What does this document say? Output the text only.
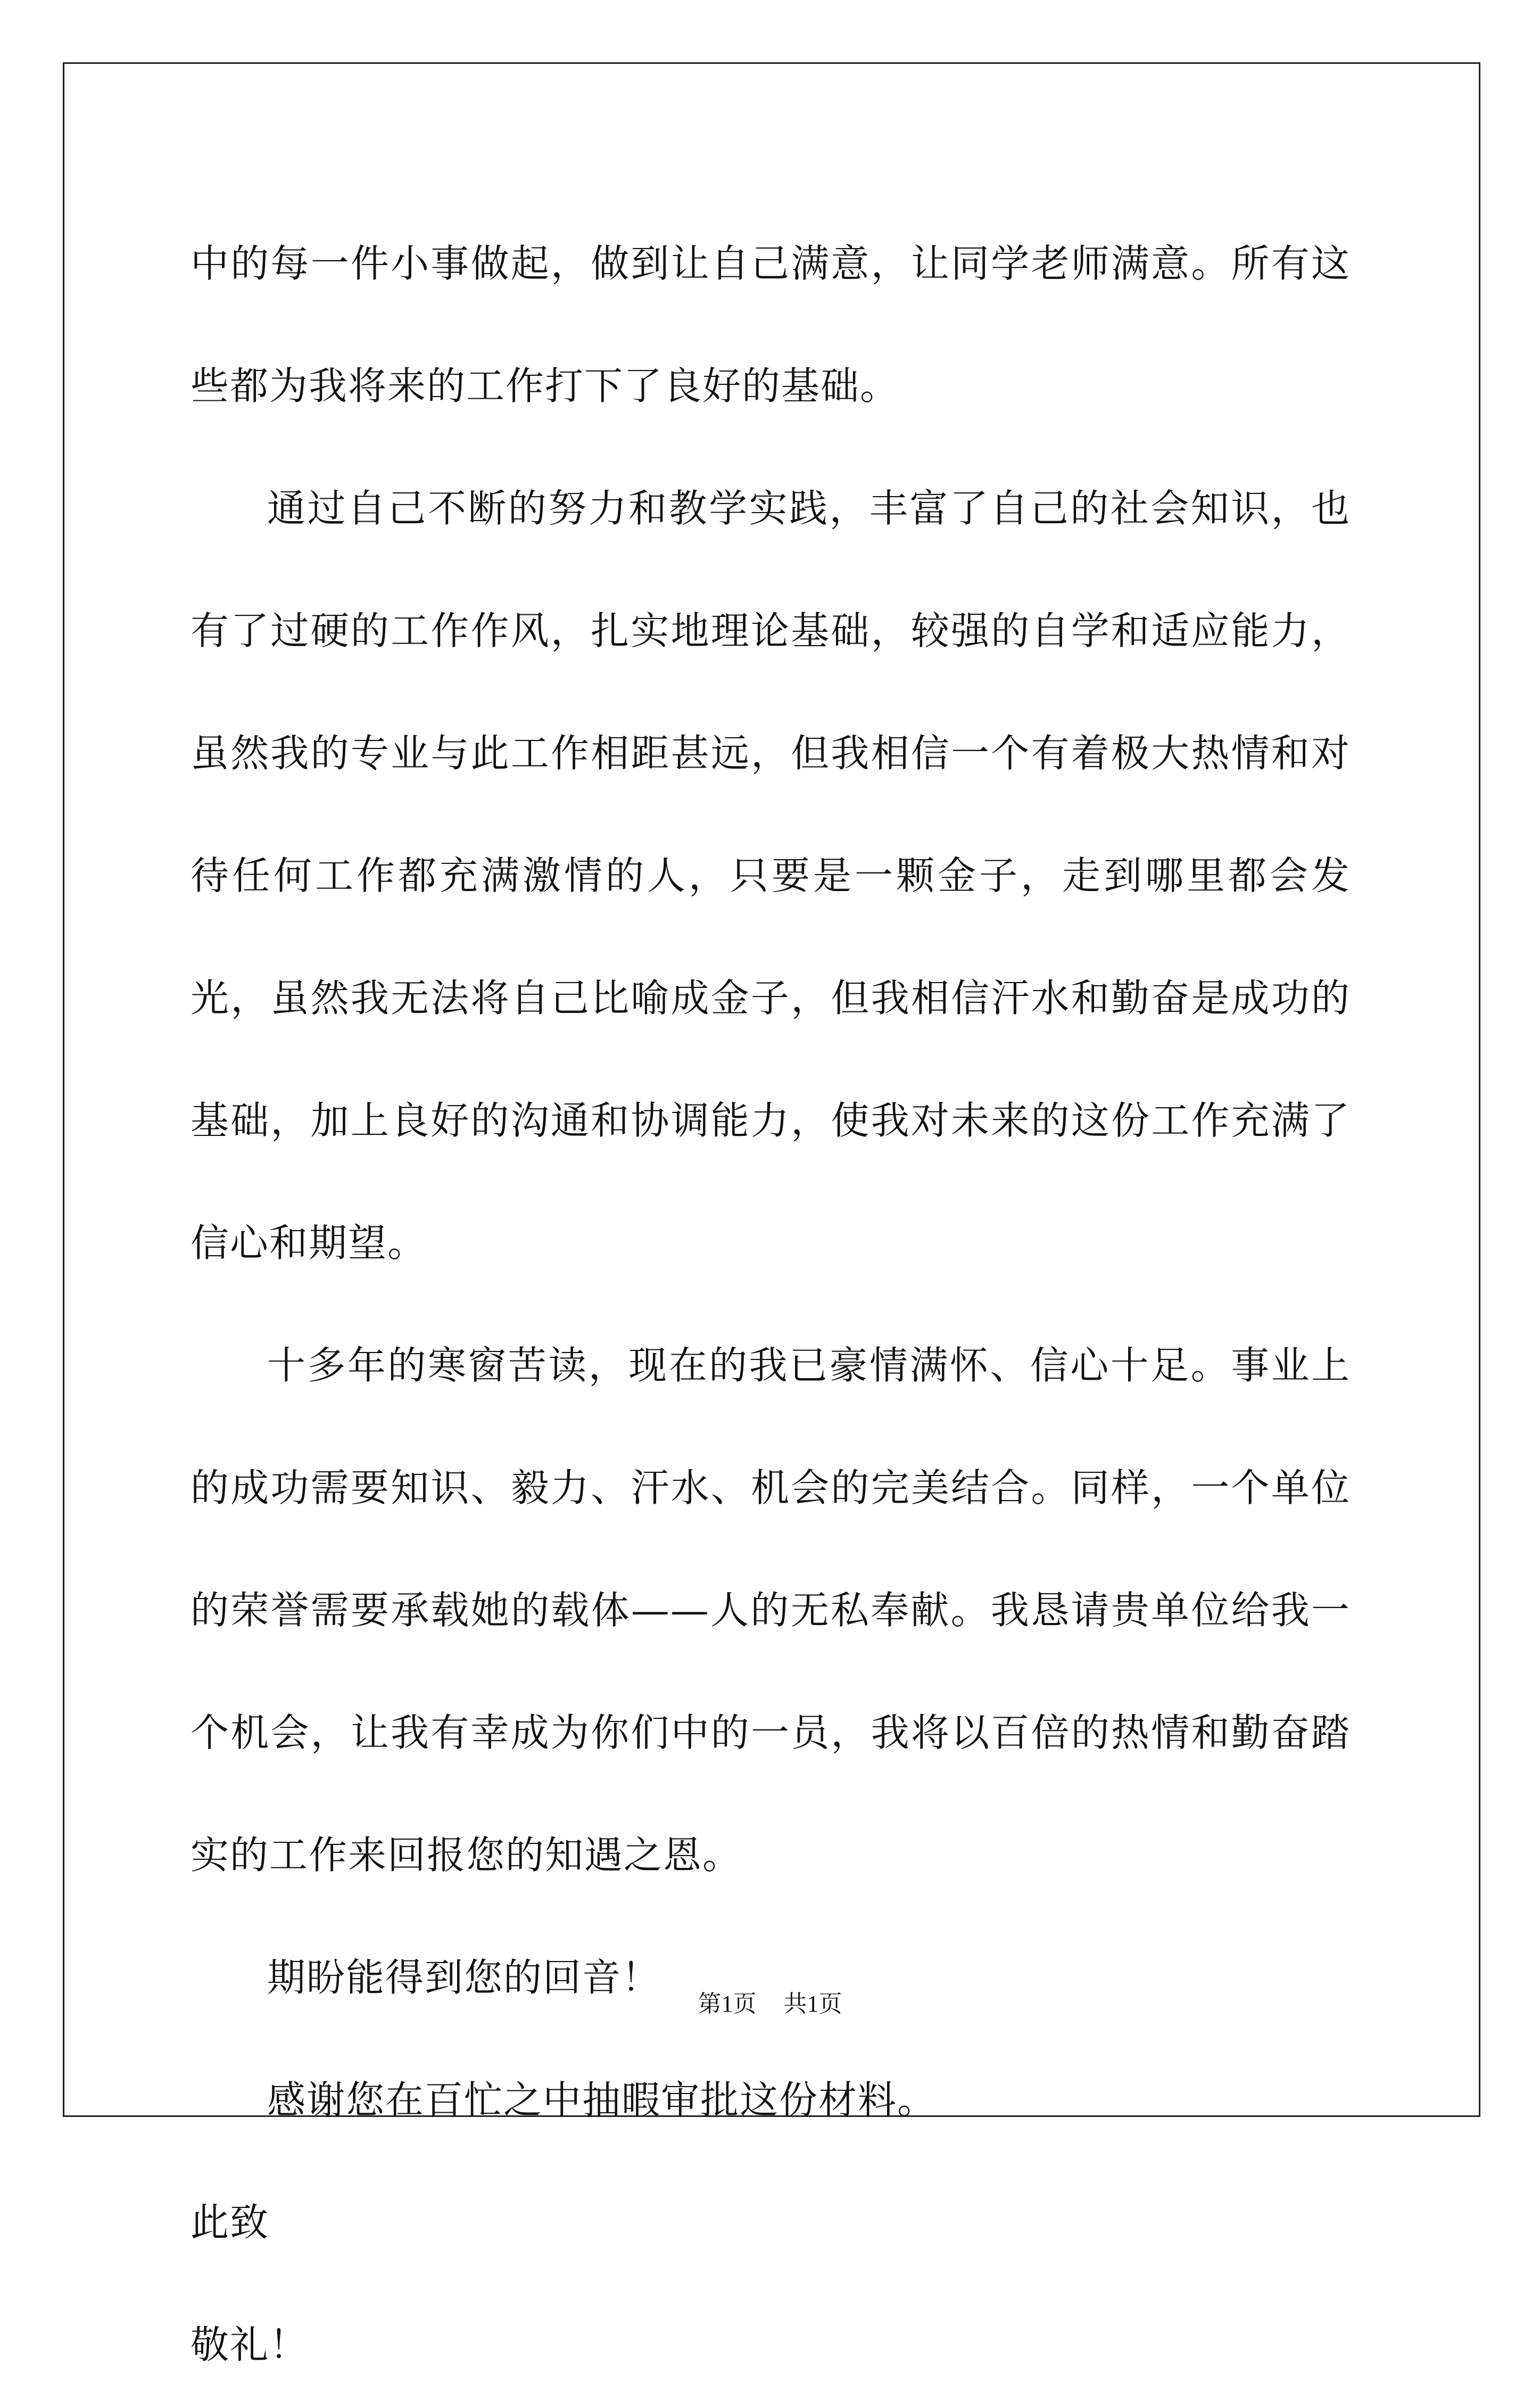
中的每一件小事做起，做到让自己满意，让同学老师满意。所有这些都为我将来的工作打下了良好的基础。

通过自己不断的努力和教学实践，丰富了自己的社会知识，也有了过硬的工作作风，扎实地理论基础，较强的自学和适应能力，虽然我的专业与此工作相距甚远，但我相信一个有着极大热情和对待任何工作都充满激情的人，只要是一颗金子，走到哪里都会发光，虽然我无法将自己比喻成金子，但我相信汗水和勤奋是成功的基础，加上良好的沟通和协调能力，使我对未来的这份工作充满了信心和期望。

十多年的寒窗苦读，现在的我已豪情满怀、信心十足。事业上的成功需要知识、毅力、汗水、机会的完美结合。同样，一个单位的荣誉需要承载她的载体——人的无私奉献。我恳请贵单位给我一个机会，让我有幸成为你们中的一员，我将以百倍的热情和勤奋踏实的工作来回报您的知遇之恩。

期盼能得到您的回音！

感谢您在百忙之中抽暇审批这份材料。

此致

敬礼！

第1页 共1页
